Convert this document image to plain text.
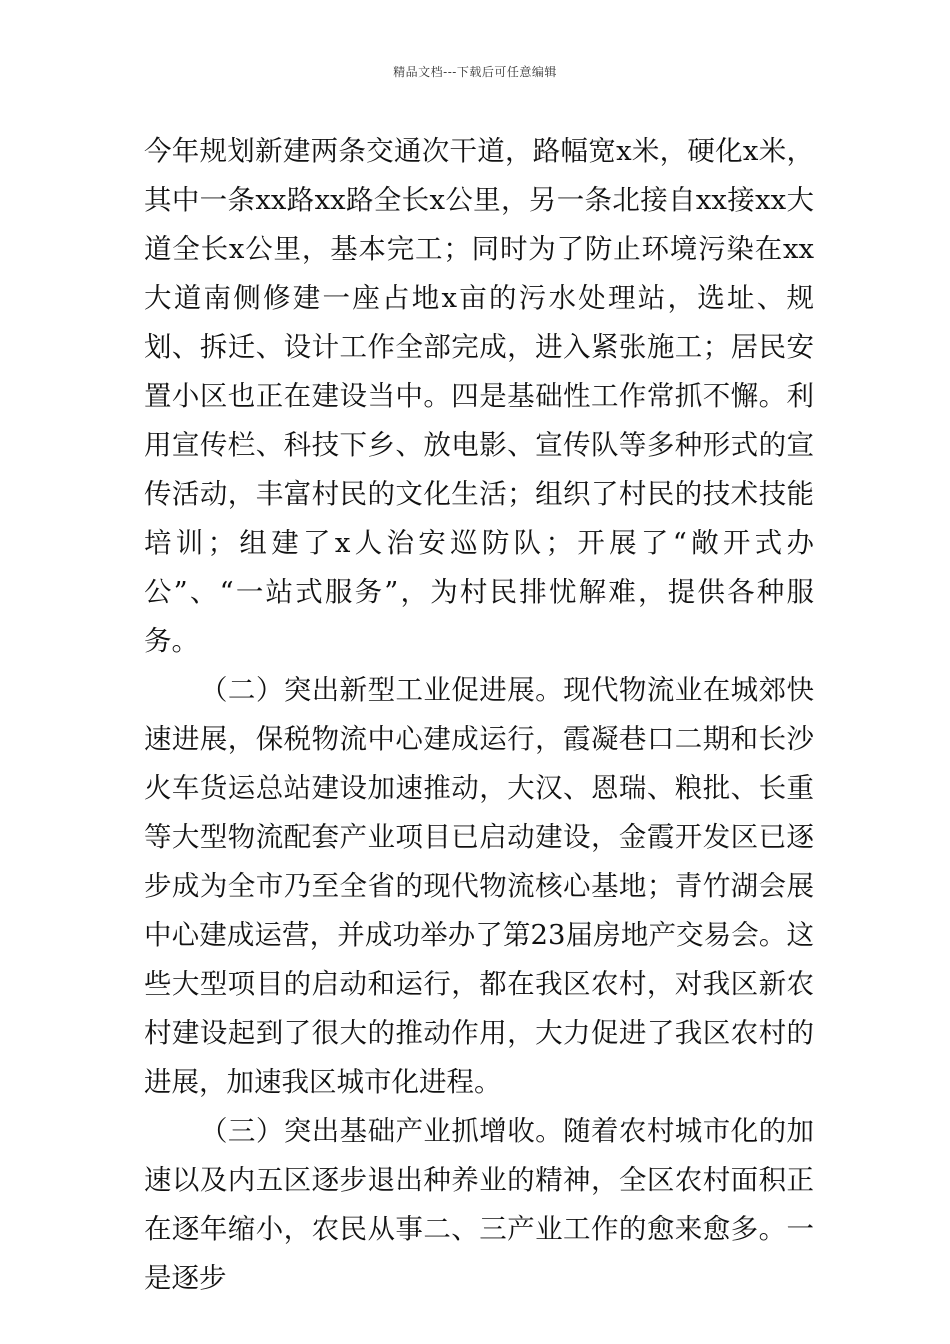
精品文档---下载后可任意编辑

今年规划新建两条交通次干道，路幅宽x米，硬化x米，其中一条xx路xx路全长x公里，另一条北接自xx接xx大道全长x公里，基本完工；同时为了防止环境污染在xx大道南侧修建一座占地x亩的污水处理站，选址、规划、拆迁、设计工作全部完成，进入紧张施工；居民安置小区也正在建设当中。四是基础性工作常抓不懈。利用宣传栏、科技下乡、放电影、宣传队等多种形式的宣传活动，丰富村民的文化生活；组织了村民的技术技能培训；组建了x人治安巡防队；开展了“敞开式办公”、“一站式服务”，为村民排忧解难，提供各种服务。

（二）突出新型工业促进展。现代物流业在城郊快速进展，保税物流中心建成运行，霞凝巷口二期和长沙火车货运总站建设加速推动，大汉、恩瑞、粮批、长重等大型物流配套产业项目已启动建设，金霞开发区已逐步成为全市乃至全省的现代物流核心基地；青竹湖会展中心建成运营，并成功举办了第23届房地产交易会。这些大型项目的启动和运行，都在我区农村，对我区新农村建设起到了很大的推动作用，大力促进了我区农村的进展，加速我区城市化进程。

（三）突出基础产业抓增收。随着农村城市化的加速以及内五区逐步退出种养业的精神，全区农村面积正在逐年缩小，农民从事二、三产业工作的愈来愈多。一是逐步
